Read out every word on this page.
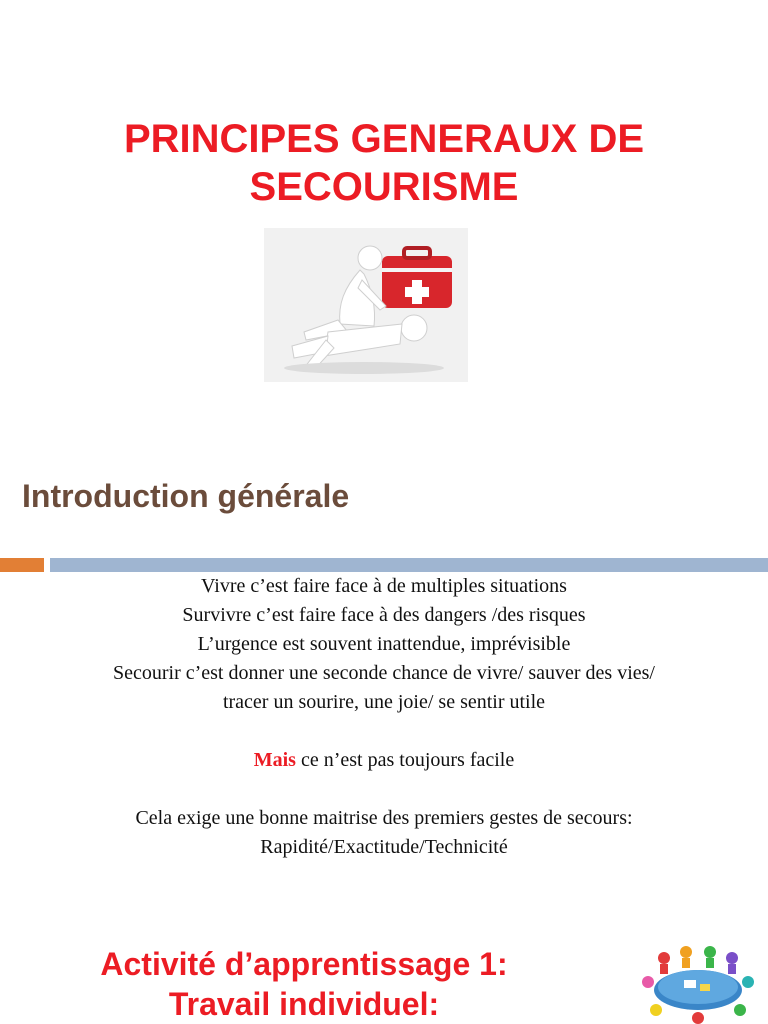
PRINCIPES GENERAUX DE
SECOURISME
Introduction générale
Vivre c’est faire face à de multiples situations
Survivre c’est faire face à des dangers /des risques
L’urgence est souvent inattendue, imprévisible
Secourir c’est donner une seconde chance de vivre/ sauver des vies/
tracer un sourire, une joie/ se sentir utile
Mais ce n’est pas toujours facile
Cela exige une bonne maitrise des premiers gestes de secours:
Rapidité/Exactitude/Technicité
Activité d’apprentissage 1:
Travail individuel:
